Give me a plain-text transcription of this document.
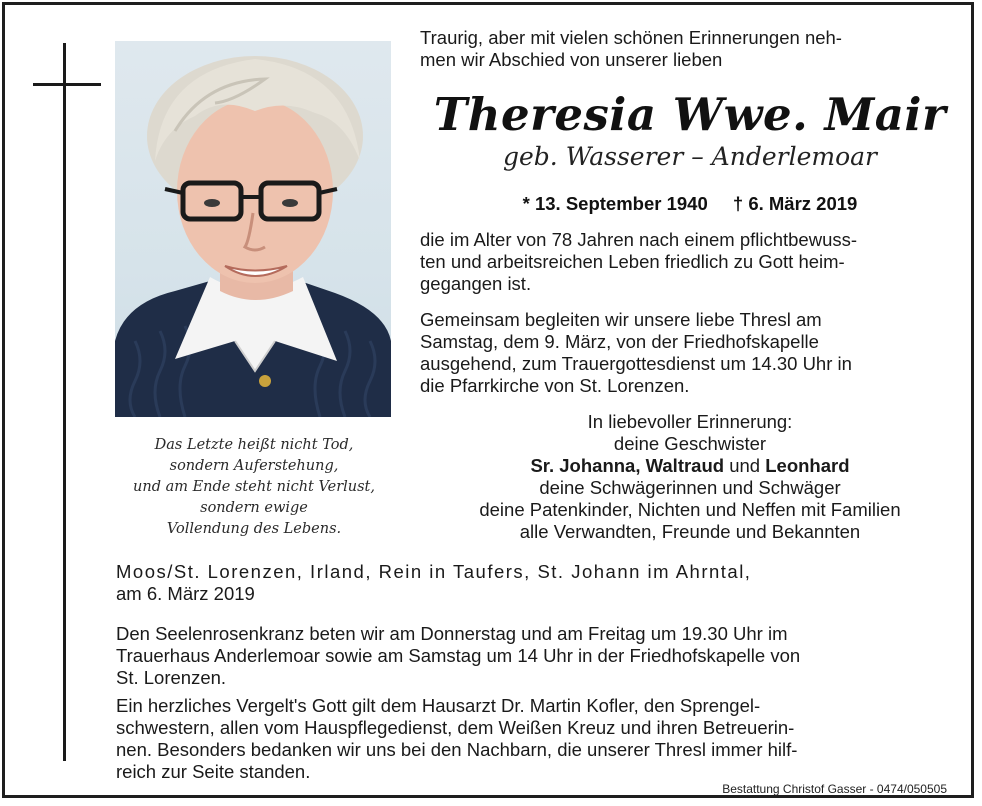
Das Letzte heißt nicht Tod,
sondern Auferstehung,
und am Ende steht nicht Verlust,
sondern ewige
Vollendung des Lebens.
Traurig, aber mit vielen schönen Erinnerungen neh-
men wir Abschied von unserer lieben
Theresia Wwe. Mair
geb. Wasserer – Anderlemoar
* 13. September 1940 † 6. März 2019
die im Alter von 78 Jahren nach einem pflichtbewuss-
ten und arbeitsreichen Leben friedlich zu Gott heim-
gegangen ist.
Gemeinsam begleiten wir unsere liebe Thresl am
Samstag, dem 9. März, von der Friedhofskapelle
ausgehend, zum Trauergottesdienst um 14.30 Uhr in
die Pfarrkirche von St. Lorenzen.
In liebevoller Erinnerung:
deine Geschwister
Sr. Johanna, Waltraud und Leonhard
deine Schwägerinnen und Schwäger
deine Patenkinder, Nichten und Neffen mit Familien
alle Verwandten, Freunde und Bekannten
Moos/St. Lorenzen, Irland, Rein in Taufers, St. Johann im Ahrntal,
am 6. März 2019
Den Seelenrosenkranz beten wir am Donnerstag und am Freitag um 19.30 Uhr im
Trauerhaus Anderlemoar sowie am Samstag um 14 Uhr in der Friedhofskapelle von
St. Lorenzen.
Ein herzliches Vergelt's Gott gilt dem Hausarzt Dr. Martin Kofler, den Sprengel-
schwestern, allen vom Hauspflegedienst, dem Weißen Kreuz und ihren Betreuerin-
nen. Besonders bedanken wir uns bei den Nachbarn, die unserer Thresl immer hilf-
reich zur Seite standen.
Bestattung Christof Gasser - 0474/050505
